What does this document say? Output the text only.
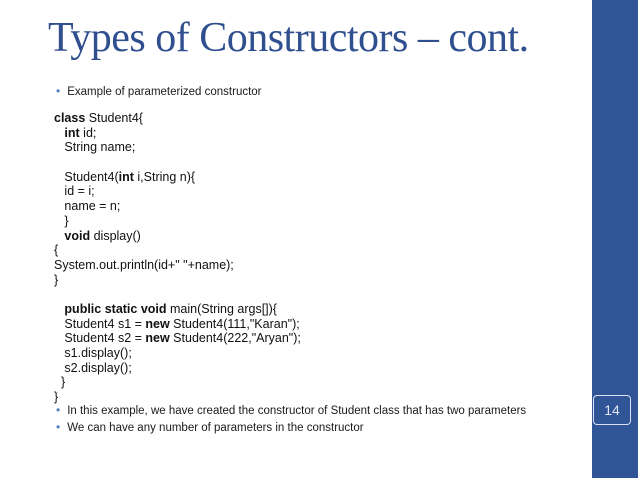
14
Types of Constructors – cont.
• Example of parameterized constructor
class Student4{
int id;
String name;

Student4(int i,String n){
id = i;
name = n;
}
void display()
{
System.out.println(id+" "+name);
}

public static void main(String args[]){
Student4 s1 = new Student4(111,"Karan");
Student4 s2 = new Student4(222,"Aryan");
s1.display();
s2.display();
}
}
• In this example, we have created the constructor of Student class that has two parameters
• We can have any number of parameters in the constructor
